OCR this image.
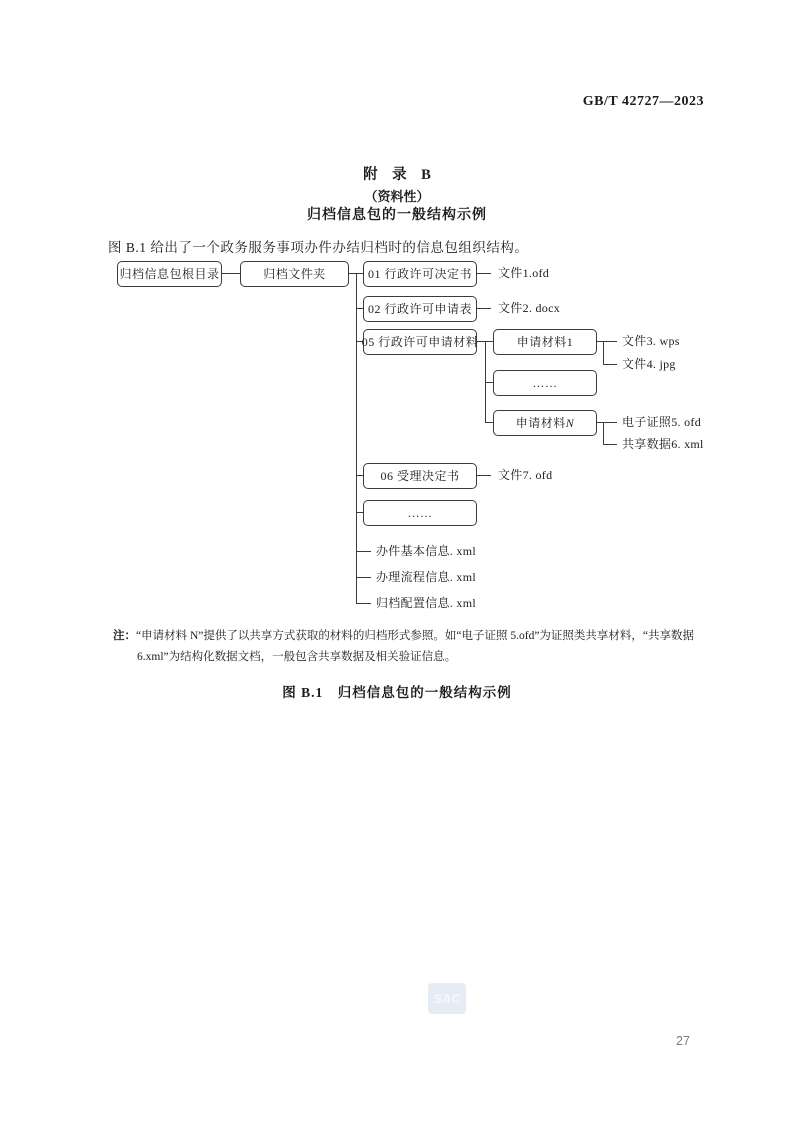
GB/T 42727—2023
附　录　B
（资料性）
归档信息包的一般结构示例
图 B.1 给出了一个政务服务事项办件办结归档时的信息包组织结构。
归档信息包根目录	归档文件夹	01 行政许可决定书
02 行政许可申请表
05 行政许可申请材料	申请材料1
……
申请材料 N
06 受理决定书
……
文件1.ofd
文件2. docx
文件3. wps
文件4. jpg
电子证照5. ofd
共享数据6. xml
文件7. ofd
办件基本信息. xml
办理流程信息. xml
归档配置信息. xml
注：“申请材料 N”提供了以共享方式获取的材料的归档形式参照。如“电子证照 5.ofd”为证照类共享材料，“共享数据 6.xml”为结构化数据文档，一般包含共享数据及相关验证信息。
图 B.1　归档信息包的一般结构示例
SAC
27
